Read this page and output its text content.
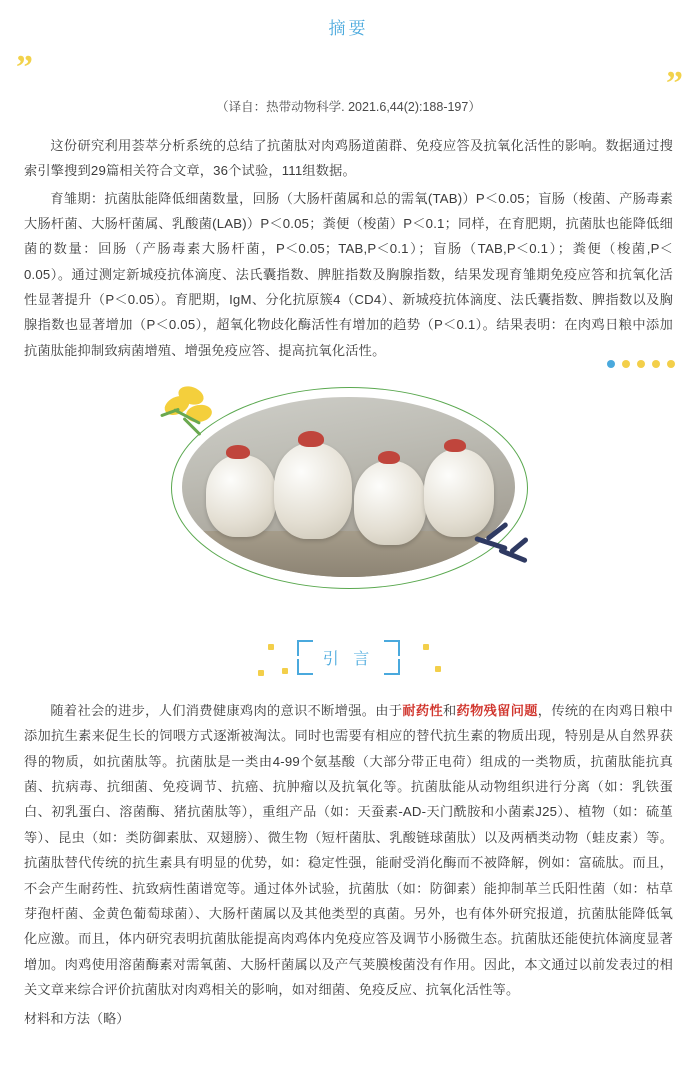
摘要
”	”
（译自：热带动物科学. 2021.6,44(2):188-197）

这份研究利用荟萃分析系统的总结了抗菌肽对肉鸡肠道菌群、免疫应答及抗氧化活性的影响。数据通过搜索引擎搜到29篇相关符合文章，36个试验，111组数据。

育雏期：抗菌肽能降低细菌数量，回肠（大肠杆菌属和总的需氧(TAB)）P＜0.05；盲肠（梭菌、产肠毒素大肠杆菌、大肠杆菌属、乳酸菌(LAB)）P＜0.05；粪便（梭菌）P＜0.1；同样，在育肥期，抗菌肽也能降低细菌的数量：回肠（产肠毒素大肠杆菌，P＜0.05；TAB,P＜0.1）；盲肠（TAB,P＜0.1）；粪便（梭菌,P＜0.05）。通过测定新城疫抗体滴度、法氏囊指数、脾脏指数及胸腺指数，结果发现育雏期免疫应答和抗氧化活性显著提升（P＜0.05）。育肥期，IgM、分化抗原簇4（CD4）、新城疫抗体滴度、法氏囊指数、脾指数以及胸腺指数也显著增加（P＜0.05），超氧化物歧化酶活性有增加的趋势（P＜0.1）。结果表明：在肉鸡日粮中添加抗菌肽能抑制致病菌增殖、增强免疫应答、提高抗氧化活性。

引 言

随着社会的进步，人们消费健康鸡肉的意识不断增强。由于耐药性和药物残留问题，传统的在肉鸡日粮中添加抗生素来促生长的饲喂方式逐渐被淘汰。同时也需要有相应的替代抗生素的物质出现，特别是从自然界获得的物质，如抗菌肽等。抗菌肽是一类由4-99个氨基酸（大部分带正电荷）组成的一类物质，抗菌肽能抗真菌、抗病毒、抗细菌、免疫调节、抗癌、抗肿瘤以及抗氧化等。抗菌肽能从动物组织进行分离（如：乳铁蛋白、初乳蛋白、溶菌酶、猪抗菌肽等），重组产品（如：天蚕素-AD-天门酰胺和小菌素J25）、植物（如：硫堇等）、昆虫（如：类防御素肽、双翅膀）、微生物（短杆菌肽、乳酸链球菌肽）以及两栖类动物（蛙皮素）等。抗菌肽替代传统的抗生素具有明显的优势，如：稳定性强，能耐受消化酶而不被降解，例如：富硫肽。而且，不会产生耐药性、抗致病性菌谱宽等。通过体外试验，抗菌肽（如：防御素）能抑制革兰氏阳性菌（如：枯草芽孢杆菌、金黄色葡萄球菌）、大肠杆菌属以及其他类型的真菌。另外，也有体外研究报道，抗菌肽能降低氧化应激。而且，体内研究表明抗菌肽能提高肉鸡体内免疫应答及调节小肠微生态。抗菌肽还能使抗体滴度显著增加。肉鸡使用溶菌酶素对需氧菌、大肠杆菌属以及产气荚膜梭菌没有作用。因此，本文通过以前发表过的相关文章来综合评价抗菌肽对肉鸡相关的影响，如对细菌、免疫反应、抗氧化活性等。

材料和方法（略）
